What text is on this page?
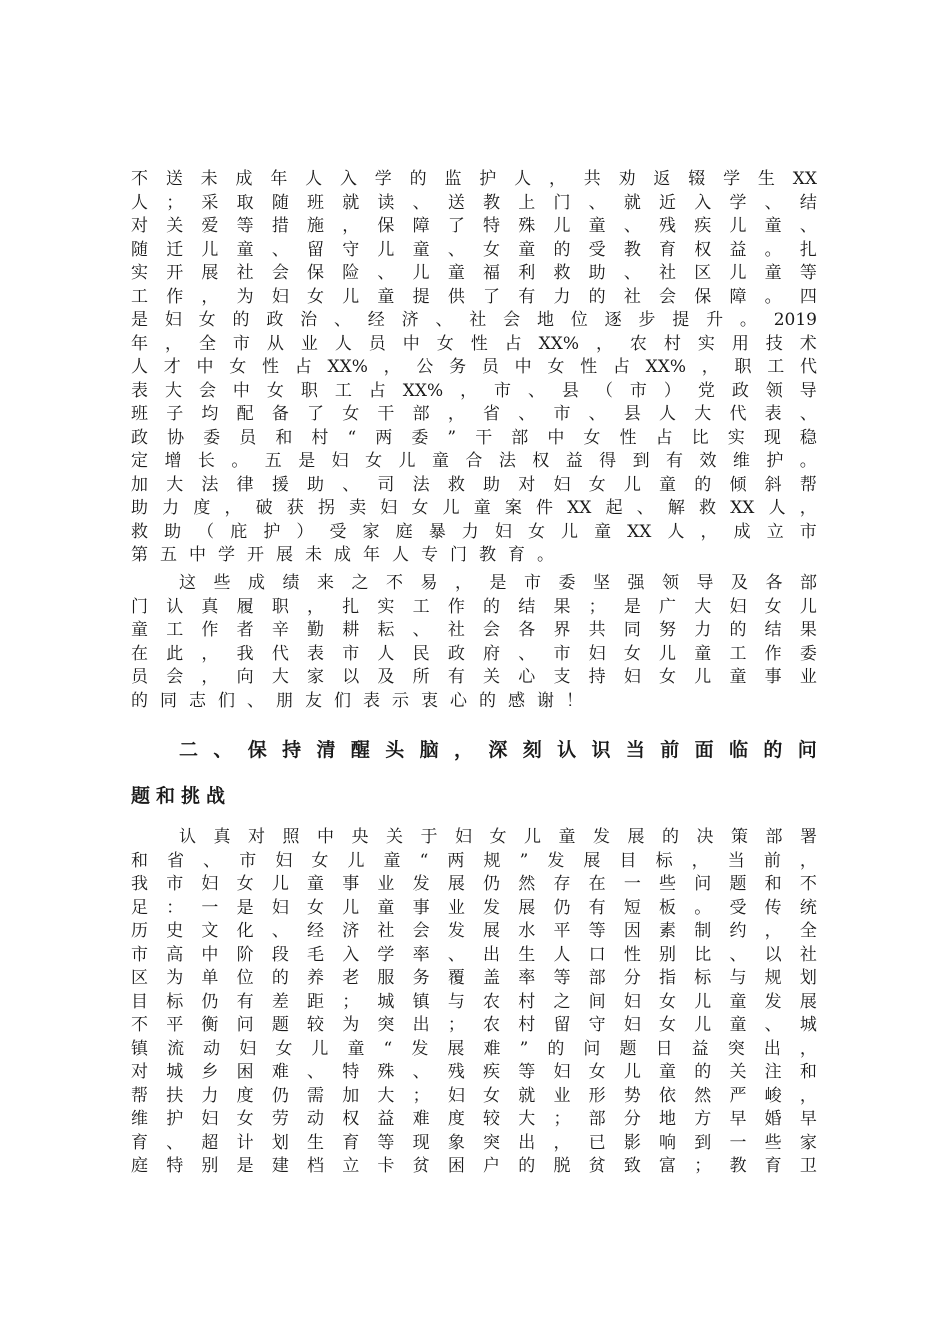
不 送 未 成 年 人 入 学 的 监 护 人 ， 共 劝 返 辍 学 生 XX
人 ； 采 取 随 班 就 读 、 送 教 上 门 、 就 近 入 学 、 结
对 关 爱 等 措 施 ， 保 障 了 特 殊 儿 童 、 残 疾 儿 童 、
随 迁 儿 童 、 留 守 儿 童 、 女 童 的 受 教 育 权 益 。 扎
实 开 展 社 会 保 险 、 儿 童 福 利 救 助 、 社 区 儿 童 等
工 作 ， 为 妇 女 儿 童 提 供 了 有 力 的 社 会 保 障 。 四
是 妇 女 的 政 治 、 经 济 、 社 会 地 位 逐 步 提 升 。 2019
年 ， 全 市 从 业 人 员 中 女 性 占 XX% ， 农 村 实 用 技 术
人 才 中 女 性 占 XX% ， 公 务 员 中 女 性 占 XX% ， 职 工 代
表 大 会 中 女 职 工 占 XX% ， 市 、 县 （ 市 ） 党 政 领 导
班 子 均 配 备 了 女 干 部 ， 省 、 市 、 县 人 大 代 表 、
政 协 委 员 和 村 “ 两 委 ” 干 部 中 女 性 占 比 实 现 稳
定 增 长 。 五 是 妇 女 儿 童 合 法 权 益 得 到 有 效 维 护 。
加 大 法 律 援 助 、 司 法 救 助 对 妇 女 儿 童 的 倾 斜 帮
助 力 度 ， 破 获 拐 卖 妇 女 儿 童 案 件 XX 起 、 解 救 XX 人 ，
救 助 （ 庇 护 ） 受 家 庭 暴 力 妇 女 儿 童 XX 人 ， 成 立 市
第五中学开展未成年人专门教育。
这 些 成 绩 来 之 不 易 ， 是 市 委 坚 强 领 导 及 各 部
门 认 真 履 职 ， 扎 实 工 作 的 结 果 ； 是 广 大 妇 女 儿
童 工 作 者 辛 勤 耕 耘 、 社 会 各 界 共 同 努 力 的 结 果
在 此 ， 我 代 表 市 人 民 政 府 、 市 妇 女 儿 童 工 作 委
员 会 ， 向 大 家 以 及 所 有 关 心 支 持 妇 女 儿 童 事 业
的同志们、朋友们表示衷心的感谢！
二 、 保 持 清 醒 头 脑 ， 深 刻 认 识 当 前 面 临 的 问
题和挑战
认 真 对 照 中 央 关 于 妇 女 儿 童 发 展 的 决 策 部 署
和 省 、 市 妇 女 儿 童 “ 两 规 ” 发 展 目 标 ， 当 前 ，
我 市 妇 女 儿 童 事 业 发 展 仍 然 存 在 一 些 问 题 和 不
足 ： 一 是 妇 女 儿 童 事 业 发 展 仍 有 短 板 。 受 传 统
历 史 文 化 、 经 济 社 会 发 展 水 平 等 因 素 制 约 ， 全
市 高 中 阶 段 毛 入 学 率 、 出 生 人 口 性 别 比 、 以 社
区 为 单 位 的 养 老 服 务 覆 盖 率 等 部 分 指 标 与 规 划
目 标 仍 有 差 距 ； 城 镇 与 农 村 之 间 妇 女 儿 童 发 展
不 平 衡 问 题 较 为 突 出 ； 农 村 留 守 妇 女 儿 童 、 城
镇 流 动 妇 女 儿 童 “ 发 展 难 ” 的 问 题 日 益 突 出 ，
对 城 乡 困 难 、 特 殊 、 残 疾 等 妇 女 儿 童 的 关 注 和
帮 扶 力 度 仍 需 加 大 ； 妇 女 就 业 形 势 依 然 严 峻 ，
维 护 妇 女 劳 动 权 益 难 度 较 大 ； 部 分 地 方 早 婚 早
育 、 超 计 划 生 育 等 现 象 突 出 ， 已 影 响 到 一 些 家
庭 特 别 是 建 档 立 卡 贫 困 户 的 脱 贫 致 富 ； 教 育 卫
